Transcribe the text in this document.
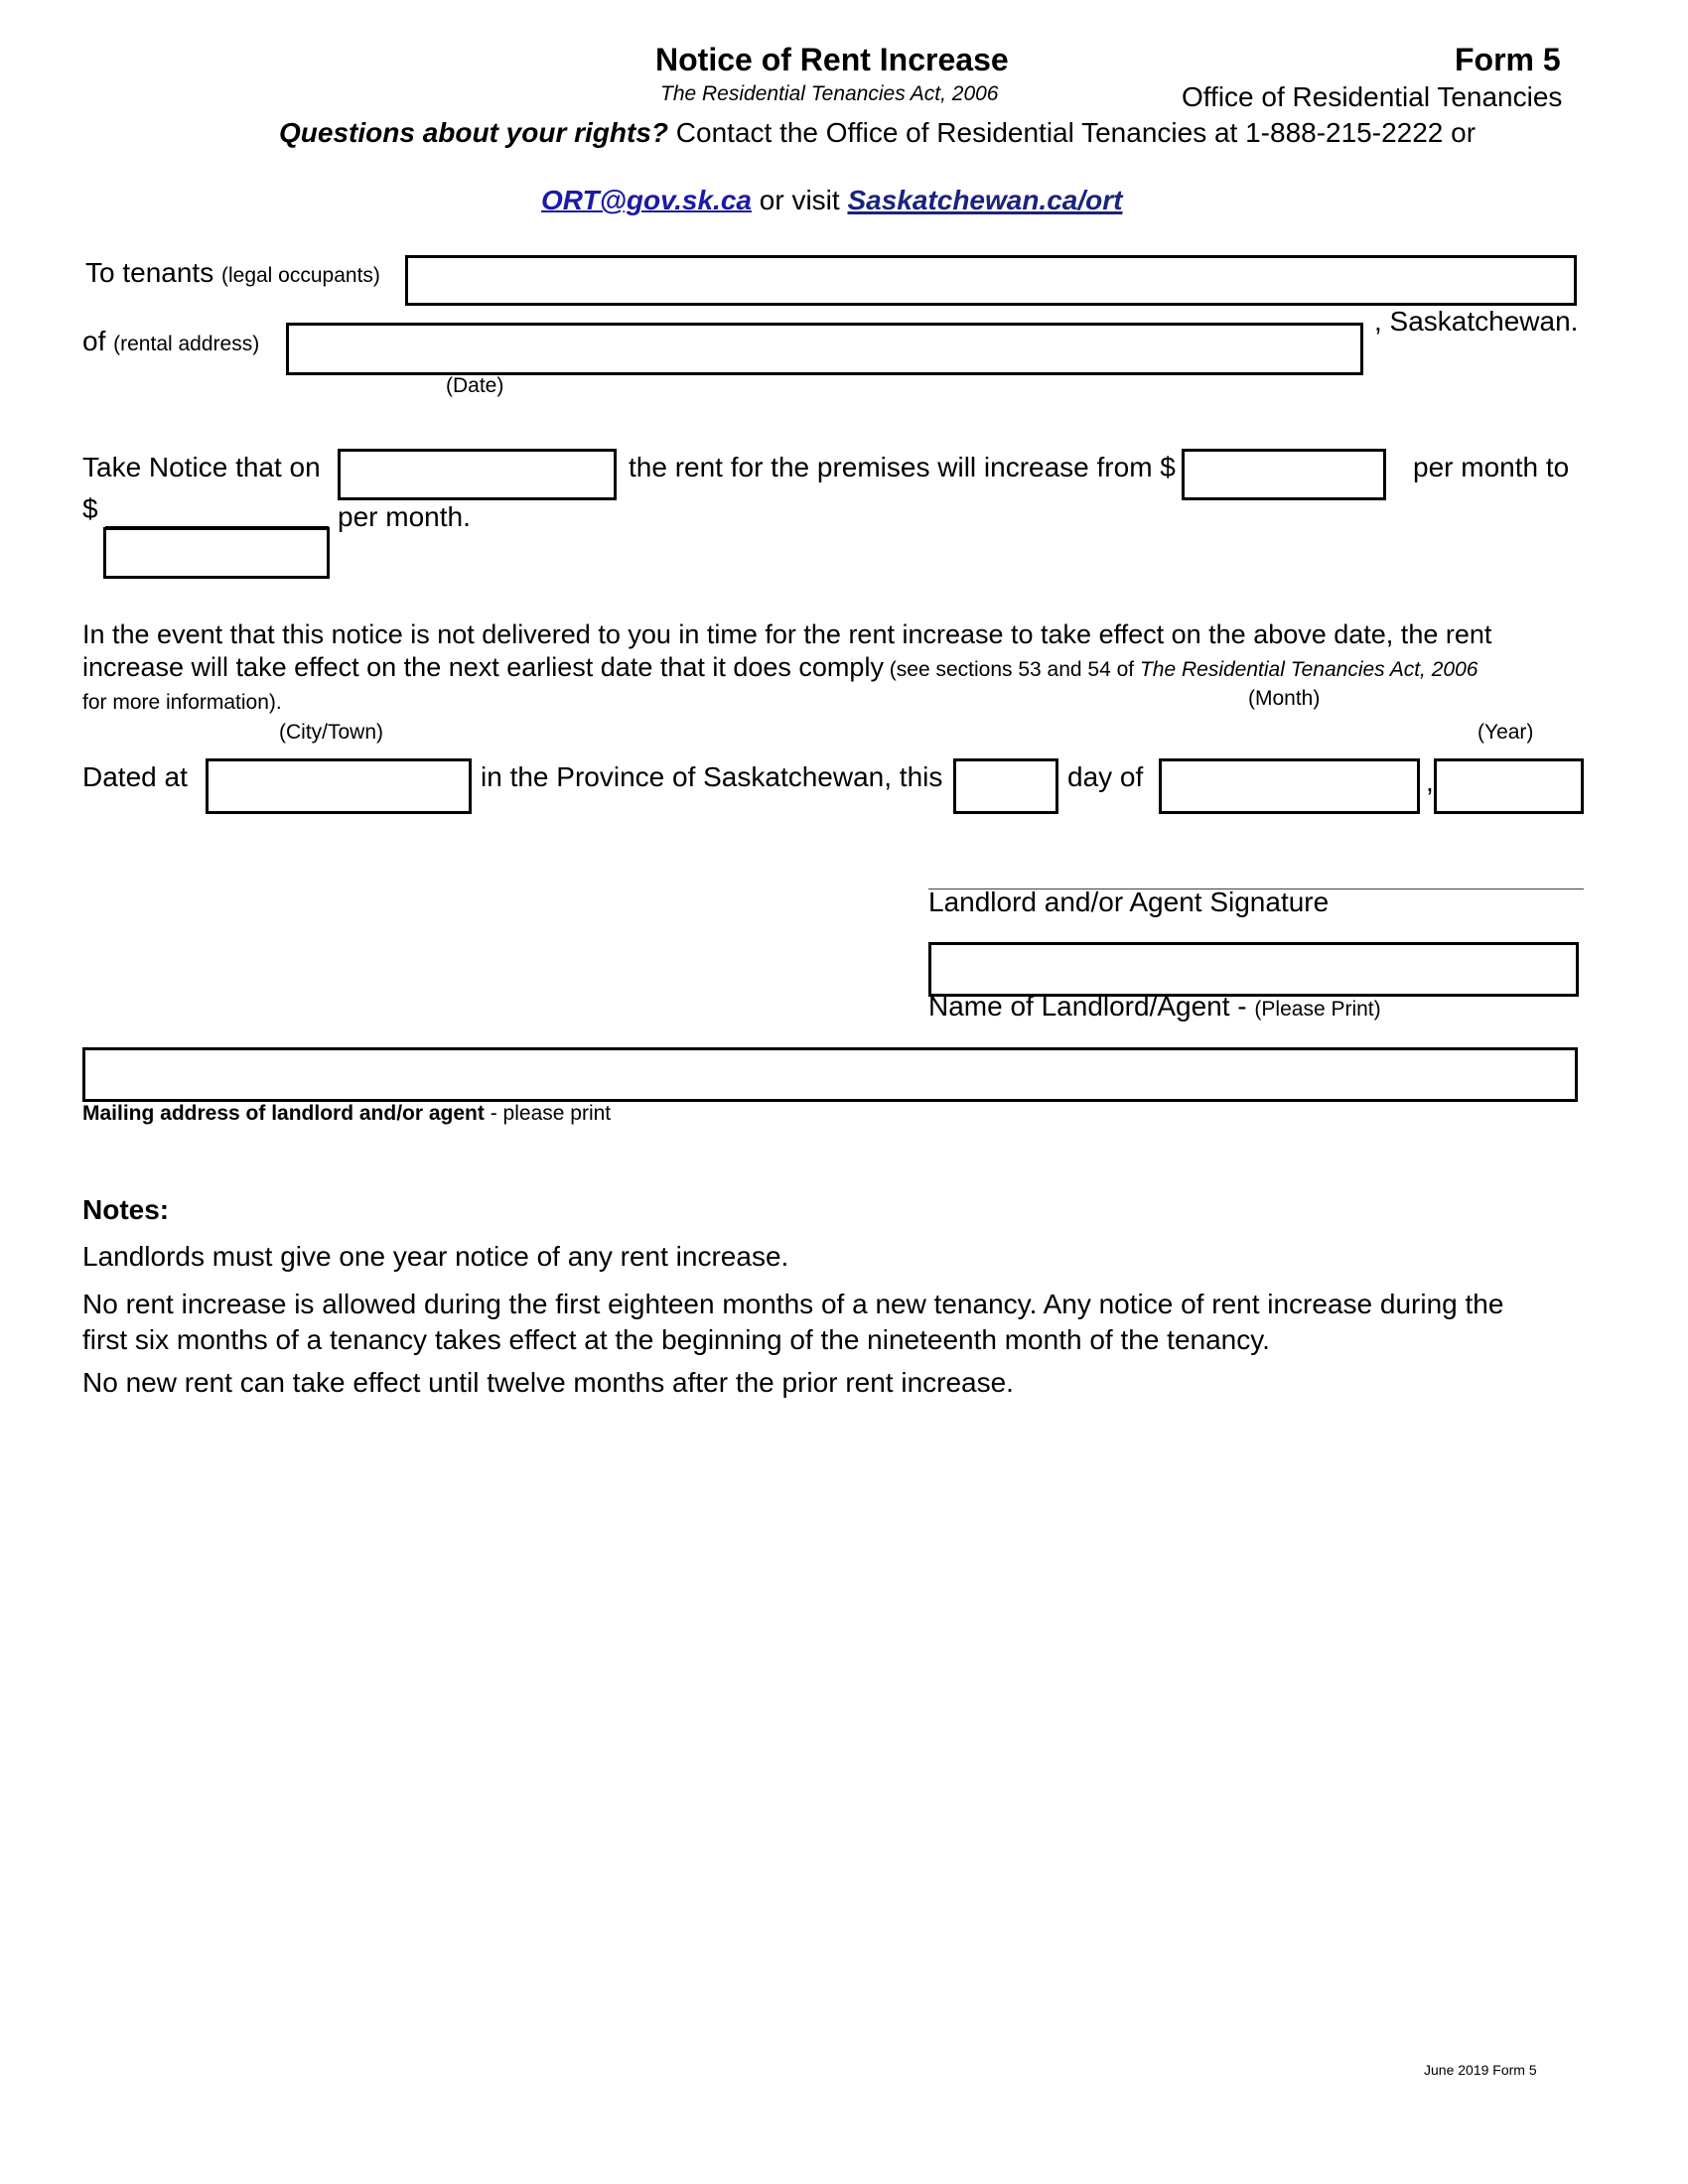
Notice of Rent Increase	Form 5
The Residential Tenancies Act, 2006	Office of Residential Tenancies
Questions about your rights? Contact the Office of Residential Tenancies at 1-888-215-2222 or
ORT@gov.sk.ca or visit Saskatchewan.ca/ort
To tenants (legal occupants)
of (rental address)
, Saskatchewan.
(Date)
Take Notice that on	the rent for the premises will increase from $	per month to
$	per month.
In the event that this notice is not delivered to you in time for the rent increase to take effect on the above date, the rent
increase will take effect on the next earliest date that it does comply (see sections 53 and 54 of The Residential Tenancies Act, 2006
for more information).	(Month)
(City/Town)	(Year)
Dated at	in the Province of Saskatchewan, this	day of	,
Landlord and/or Agent Signature
Name of Landlord/Agent - (Please Print)
Mailing address of landlord and/or agent - please print
Notes:
Landlords must give one year notice of any rent increase.
No rent increase is allowed during the first eighteen months of a new tenancy. Any notice of rent increase during the
first six months of a tenancy takes effect at the beginning of the nineteenth month of the tenancy.
No new rent can take effect until twelve months after the prior rent increase.
June 2019 Form 5
